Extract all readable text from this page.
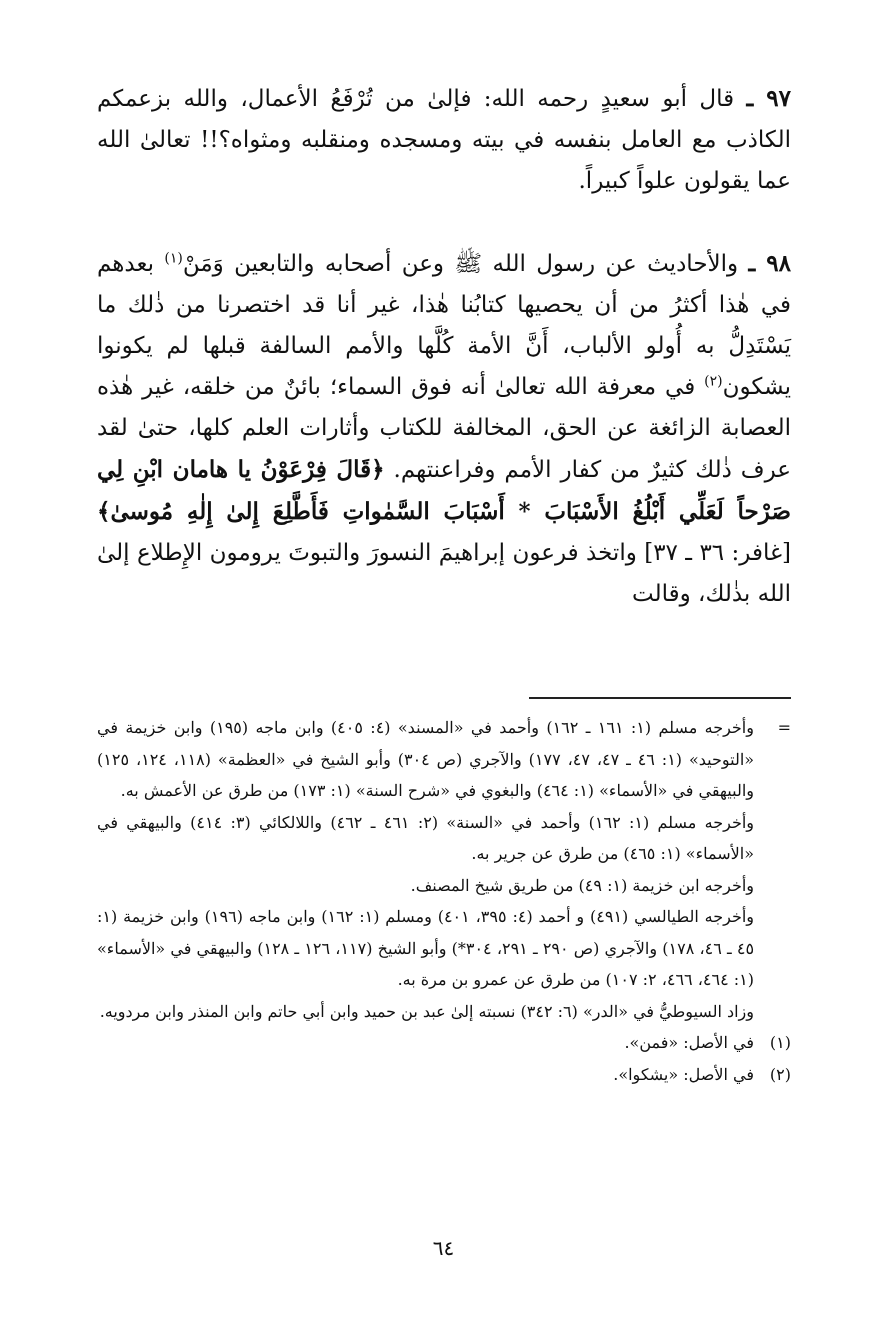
٩٧ ـ قال أبو سعيدٍ رحمه الله: فإلىٰ من تُرْفَعُ الأعمال، والله بزعمكم الكاذب مع العامل بنفسه في بيته ومسجده ومنقلبه ومثواه؟!! تعالىٰ الله عما يقولون علواً كبيراً.
٩٨ ـ والأحاديث عن رسول الله ﷺ وعن أصحابه والتابعين وَمَنْ$^{(١)}$ بعدهم في هٰذا أكثرُ من أن يحصيها كتابُنا هٰذا، غير أنا قد اختصرنا من ذٰلك ما يَسْتَدِلُّ به أُولو الألباب، أَنَّ الأمة كُلَّها والأمم السالفة قبلها لم يكونوا يشكون$^{(٢)}$ في معرفة الله تعالىٰ أنه فوق السماء؛ بائنٌ من خلقه، غير هٰذه العصابة الزائغة عن الحق، المخالفة للكتاب وأثارات العلم كلها، حتىٰ لقد عرف ذٰلك كثيرٌ من كفار الأمم وفراعنتهم. ﴿قَالَ فِرْعَوْنُ يا هامان ابْنِ لِي صَرْحاً لَعَلِّي أَبْلُغُ الأَسْبَابَ * أَسْبَابَ السَّمٰواتِ فَأَطَّلِعَ إِلىٰ إِلٰهِ مُوسىٰ﴾ [غافر: ٣٦ ـ ٣٧] واتخذ فرعون إبراهيمَ النسورَ والتبوتَ يرومون الإِطلاع إلىٰ الله بذٰلك، وقالت
=

وأخرجه مسلم (١: ١٦١ ـ ١٦٢) وأحمد في «المسند» (٤: ٤٠٥) وابن ماجه (١٩٥) وابن خزيمة في «التوحيد» (١: ٤٦ ـ ٤٧، ٤٧، ١٧٧) والآجري (ص ٣٠٤) وأبو الشيخ في «العظمة» (١١٨، ١٢٤، ١٢٥) والبيهقي في «الأسماء» (١: ٤٦٤) والبغوي في «شرح السنة» (١: ١٧٣) من طرق عن الأعمش به.

وأخرجه مسلم (١: ١٦٢) وأحمد في «السنة» (٢: ٤٦١ ـ ٤٦٢) واللالكائي (٣: ٤١٤) والبيهقي في «الأسماء» (١: ٤٦٥) من طرق عن جرير به.

وأخرجه ابن خزيمة (١: ٤٩) من طريق شيخ المصنف.

وأخرجه الطيالسي (٤٩١) و أحمد (٤: ٣٩٥، ٤٠١) ومسلم (١: ١٦٢) وابن ماجه (١٩٦) وابن خزيمة (١: ٤٥ ـ ٤٦، ١٧٨) والآجري (ص ٢٩٠ ـ ٢٩١، ٣٠٤*) وأبو الشيخ (١١٧، ١٢٦ ـ ١٢٨) والبيهقي في «الأسماء» (١: ٤٦٤، ٤٦٦، ٢: ١٠٧) من طرق عن عمرو بن مرة به.

وزاد السيوطيُّ في «الدر» (٦: ٣٤٢) نسبته إلىٰ عبد بن حميد وابن أبي حاتم وابن المنذر وابن مردويه.

(١)
في الأصل: «فمن».
(٢)
في الأصل: «يشكوا».
٦٤
